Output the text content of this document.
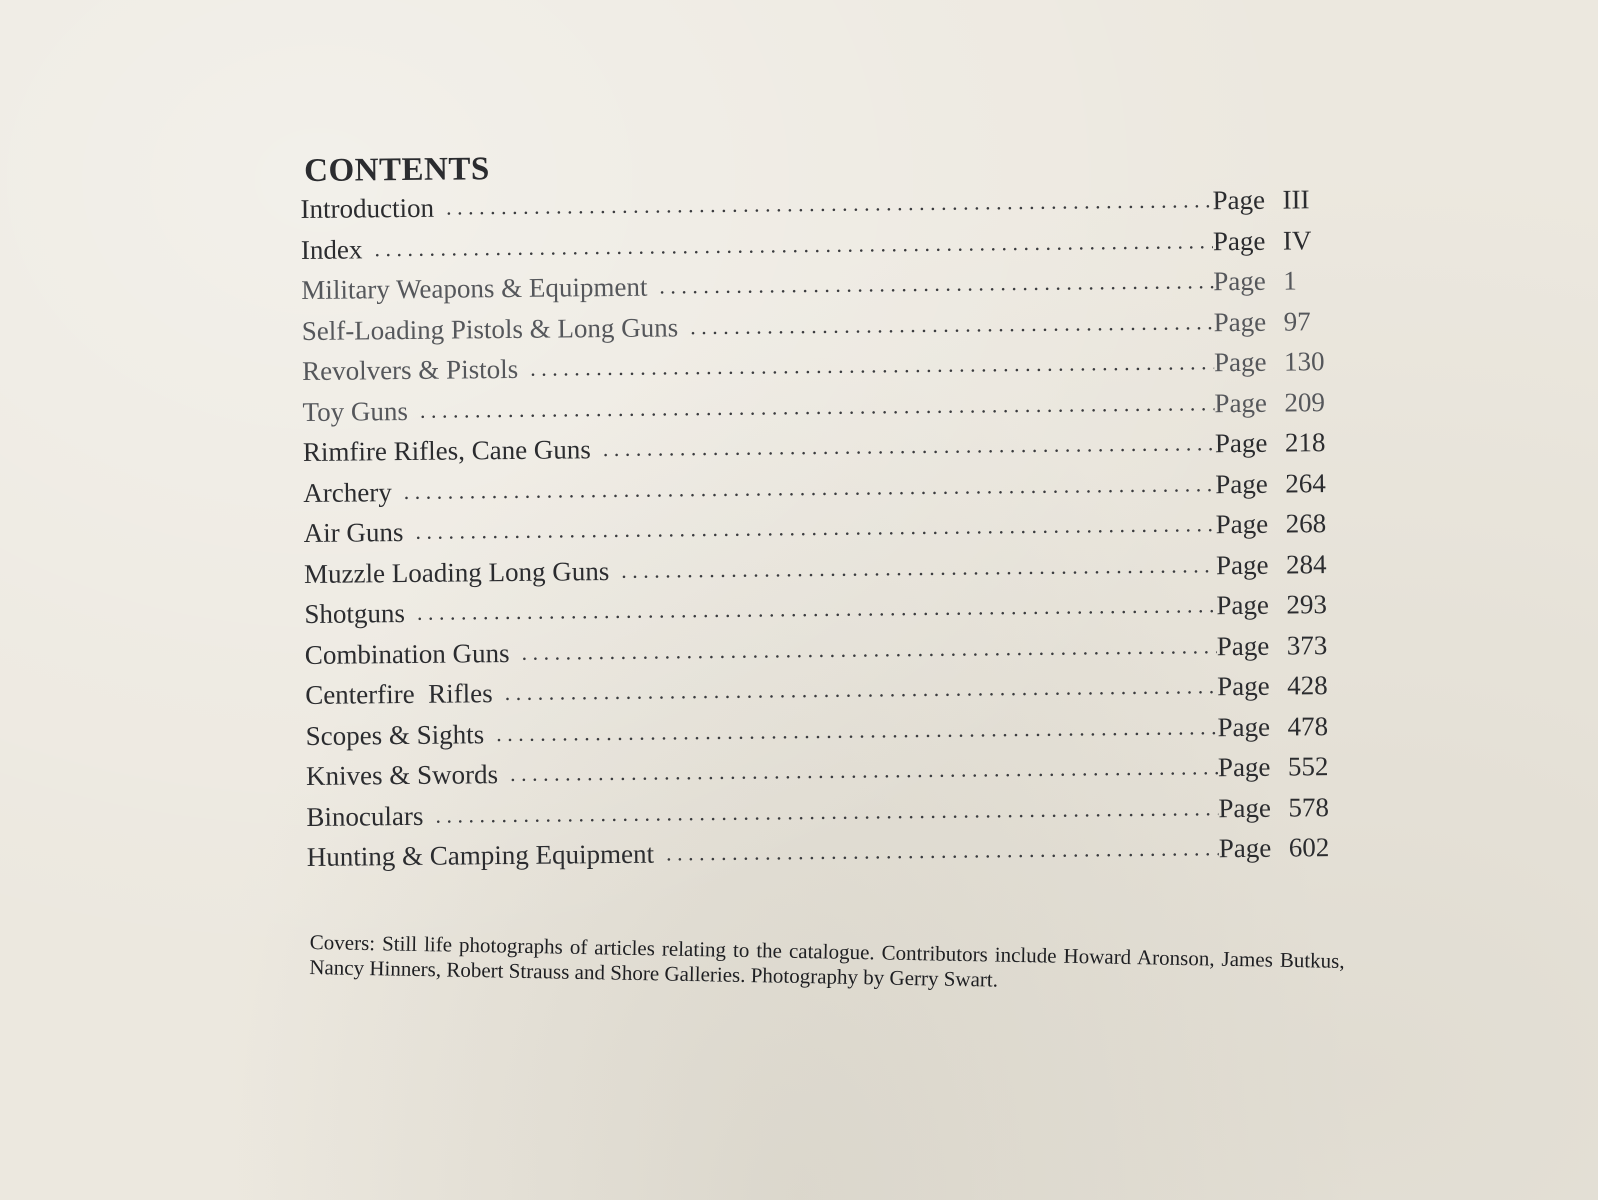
CONTENTS
Introduction . . .	Page III
Index . . .	Page IV
Military Weapons & Equipment . . .	Page 1
Self-Loading Pistols & Long Guns . . .	Page 97
Revolvers & Pistols . . .	Page 130
Toy Guns . . .	Page 209
Rimfire Rifles, Cane Guns . . .	Page 218
Archery . . .	Page 264
Air Guns . . .	Page 268
Muzzle Loading Long Guns . . .	Page 284
Shotguns . . .	Page 293
Combination Guns . . .	Page 373
Centerfire  Rifles . . .	Page 428
Scopes & Sights . . .	Page 478
Knives & Swords . . .	Page 552
Binoculars . . .	Page 578
Hunting & Camping Equipment . . .	Page 602
Covers: Still life photographs of articles relating to the catalogue. Contributors include Howard Aronson, James Butkus, Nancy Hinners, Robert Strauss and Shore Galleries. Photography by Gerry Swart.
